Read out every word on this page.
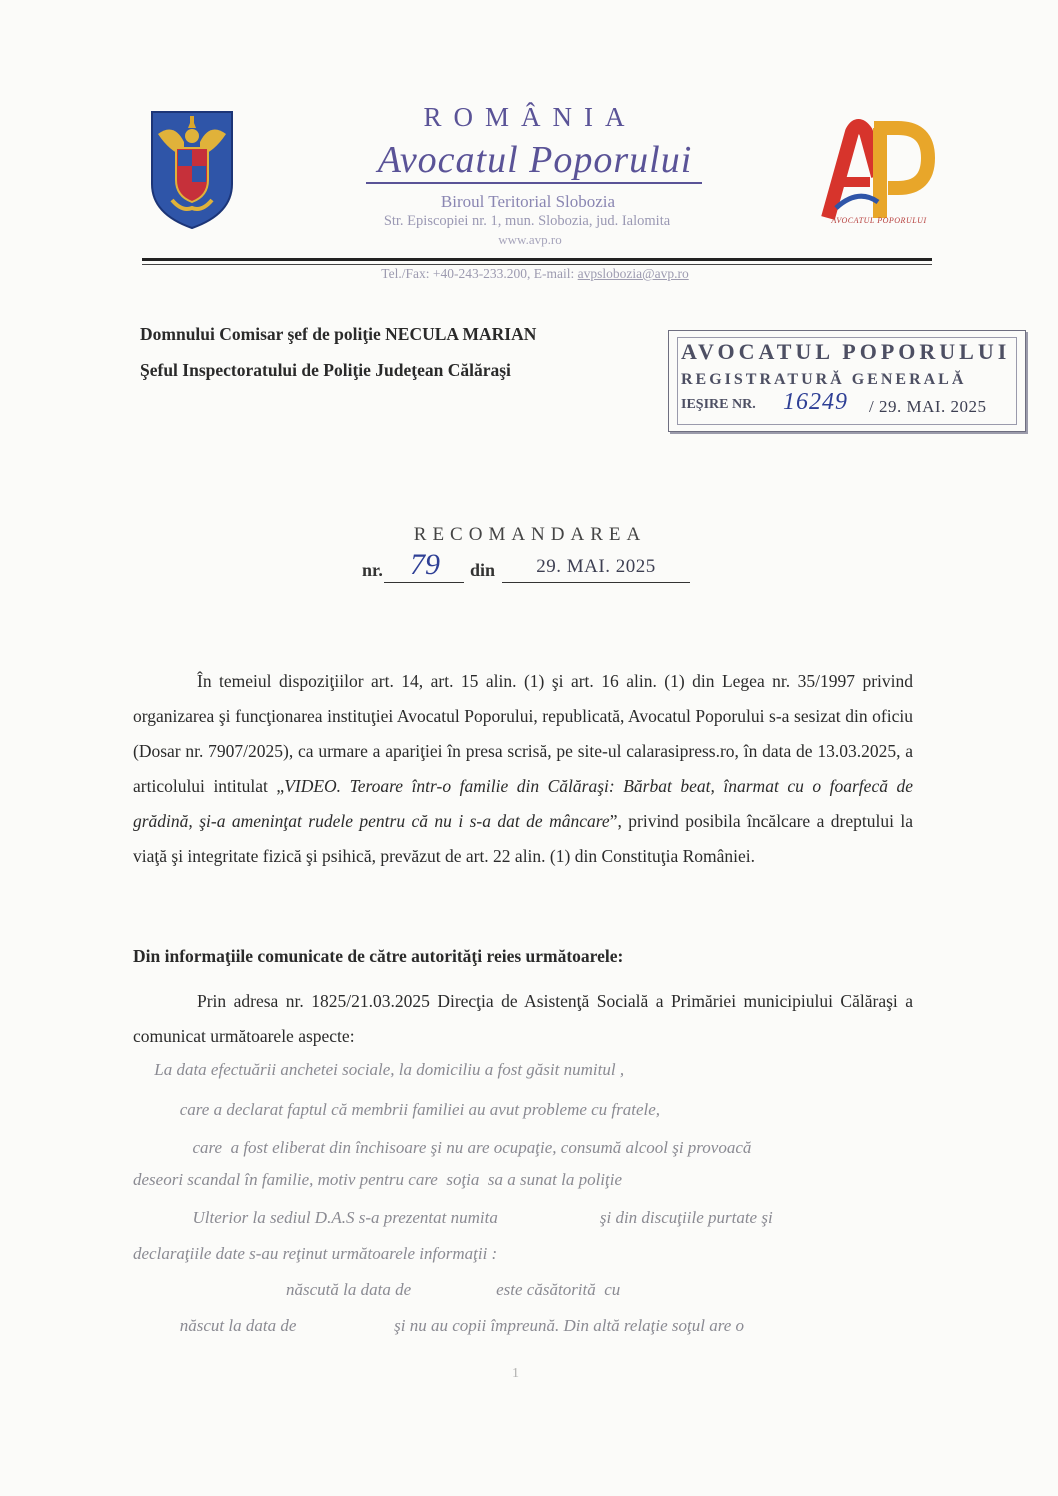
ROMÂNIA
Avocatul Poporului
Biroul Teritorial Slobozia
Str. Episcopiei nr. 1, mun. Slobozia, jud. Ialomita
www.avp.ro
Tel./Fax: +40-243-233.200, E-mail: avpslobozia@avp.ro
AVOCATUL POPORULUI
Domnului Comisar şef de poliţie NECULA MARIAN
Şeful Inspectoratului de Poliţie Judeţean Călăraşi
AVOCATUL POPORULUI
REGISTRATURĂ GENERALĂ
IEŞIRE NR. 16249 / 29. MAI. 2025
RECOMANDAREA
nr. 79	din	29. MAI. 2025
În temeiul dispoziţiilor art. 14, art. 15 alin. (1) şi art. 16 alin. (1) din Legea nr. 35/1997 privind organizarea şi funcţionarea instituţiei Avocatul Poporului, republicată, Avocatul Poporului s-a sesizat din oficiu (Dosar nr. 7907/2025), ca urmare a apariţiei în presa scrisă, pe site-ul calarasipress.ro, în data de 13.03.2025, a articolului intitulat „VIDEO. Teroare într-o familie din Călăraşi: Bărbat beat, înarmat cu o foarfecă de grădină, şi-a ameninţat rudele pentru că nu i s-a dat de mâncare”, privind posibila încălcare a dreptului la viaţă şi integritate fizică şi psihică, prevăzut de art. 22 alin. (1) din Constituţia României.
Din informaţiile comunicate de către autorităţi reies următoarele:
Prin adresa nr. 1825/21.03.2025 Direcţia de Asistenţă Socială a Primăriei municipiului Călăraşi a comunicat următoarele aspecte:
La data efectuării anchetei sociale, la domiciliu a fost găsit numitul ,
care a declarat faptul că membrii familiei au avut probleme cu fratele,
care  a fost eliberat din închisoare şi nu are ocupaţie, consumă alcool şi provoacă
deseori scandal în familie, motiv pentru care  soţia  sa a sunat la poliţie
Ulterior la sediul D.A.S s-a prezentat numita                        şi din discuţiile purtate şi
declaraţiile date s-au reţinut următoarele informaţii :
născută la data de                    este căsătorită  cu
născut la data de                       şi nu au copii împreună. Din altă relaţie soţul are o
1
